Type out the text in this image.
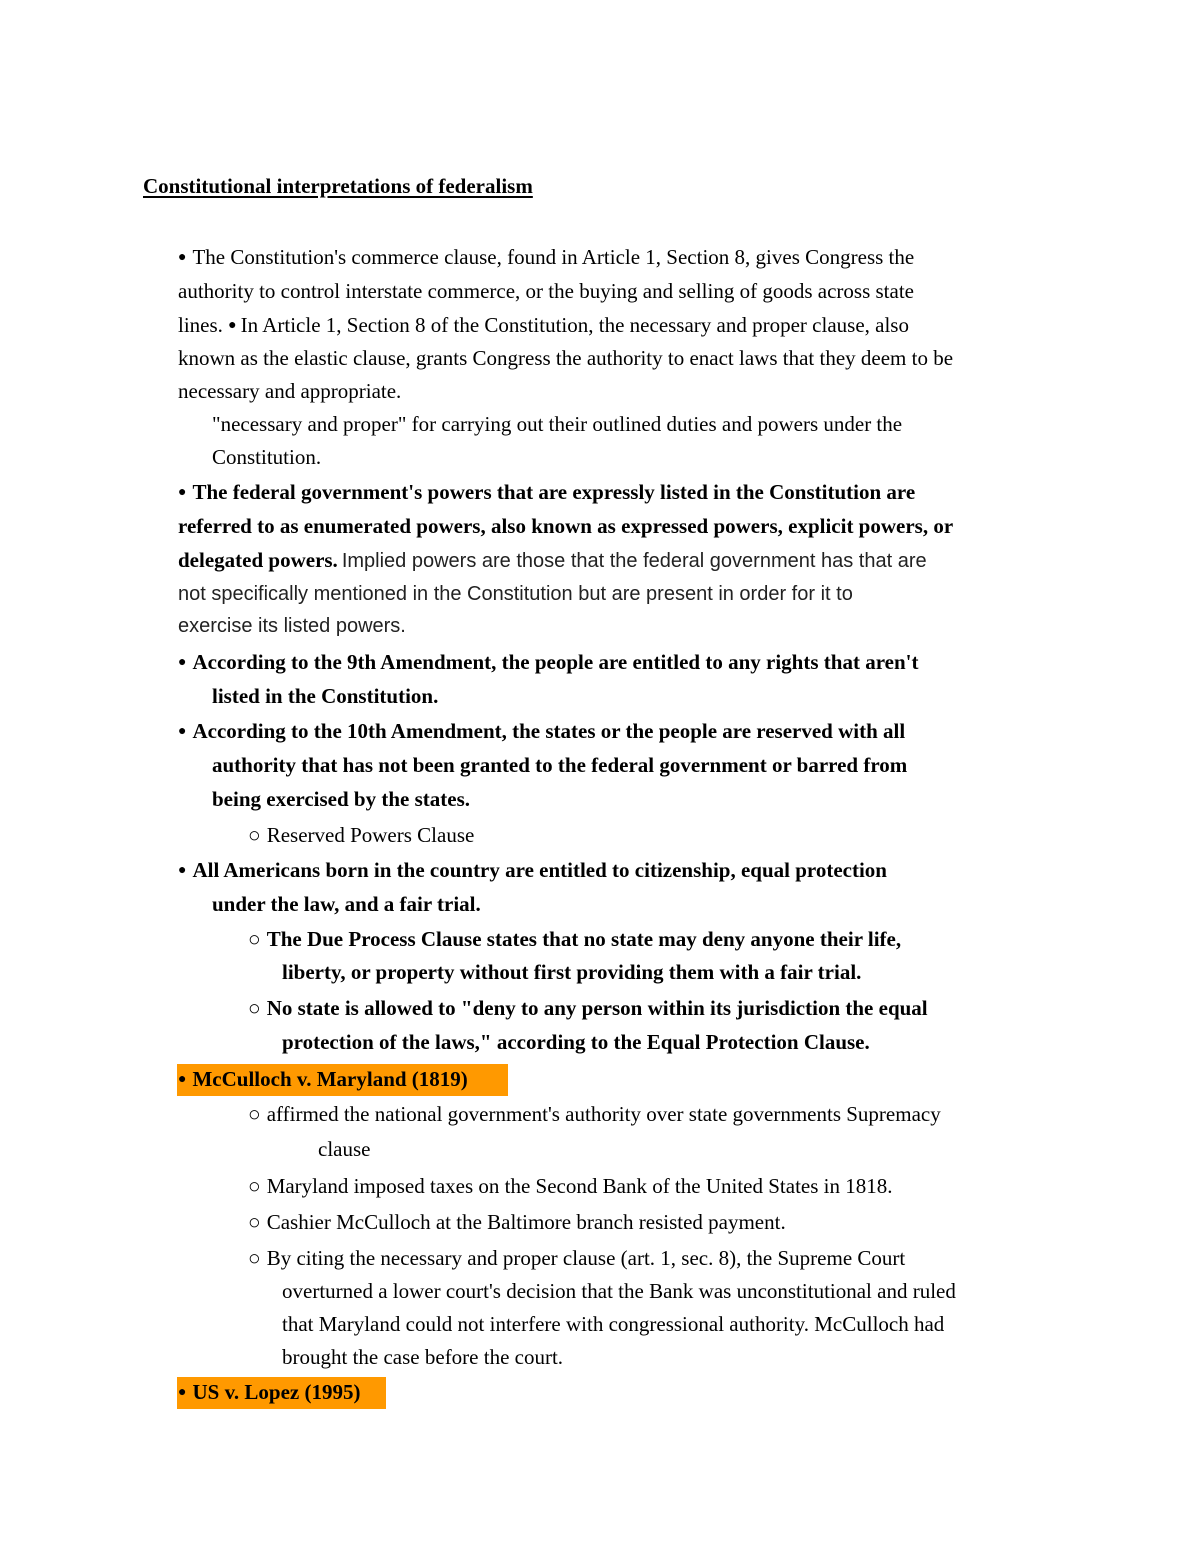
Constitutional interpretations of federalism
● The Constitution's commerce clause, found in Article 1, Section 8, gives Congress the
authority to control interstate commerce, or the buying and selling of goods across state
lines. ● In Article 1, Section 8 of the Constitution, the necessary and proper clause, also
known as the elastic clause, grants Congress the authority to enact laws that they deem to be
necessary and appropriate.
"necessary and proper" for carrying out their outlined duties and powers under the
Constitution.
● The federal government's powers that are expressly listed in the Constitution are
referred to as enumerated powers, also known as expressed powers, explicit powers, or
delegated powers. Implied powers are those that the federal government has that are
not specifically mentioned in the Constitution but are present in order for it to
exercise its listed powers.
● According to the 9th Amendment, the people are entitled to any rights that aren't
listed in the Constitution.
● According to the 10th Amendment, the states or the people are reserved with all
authority that has not been granted to the federal government or barred from
being exercised by the states.
○ Reserved Powers Clause
● All Americans born in the country are entitled to citizenship, equal protection
under the law, and a fair trial.
○ The Due Process Clause states that no state may deny anyone their life,
liberty, or property without first providing them with a fair trial.
○ No state is allowed to "deny to any person within its jurisdiction the equal
protection of the laws," according to the Equal Protection Clause.
● McCulloch v. Maryland (1819)
○ affirmed the national government's authority over state governments Supremacy
clause
○ Maryland imposed taxes on the Second Bank of the United States in 1818.
○ Cashier McCulloch at the Baltimore branch resisted payment.
○ By citing the necessary and proper clause (art. 1, sec. 8), the Supreme Court
overturned a lower court's decision that the Bank was unconstitutional and ruled
that Maryland could not interfere with congressional authority. McCulloch had
brought the case before the court.
● US v. Lopez (1995)
